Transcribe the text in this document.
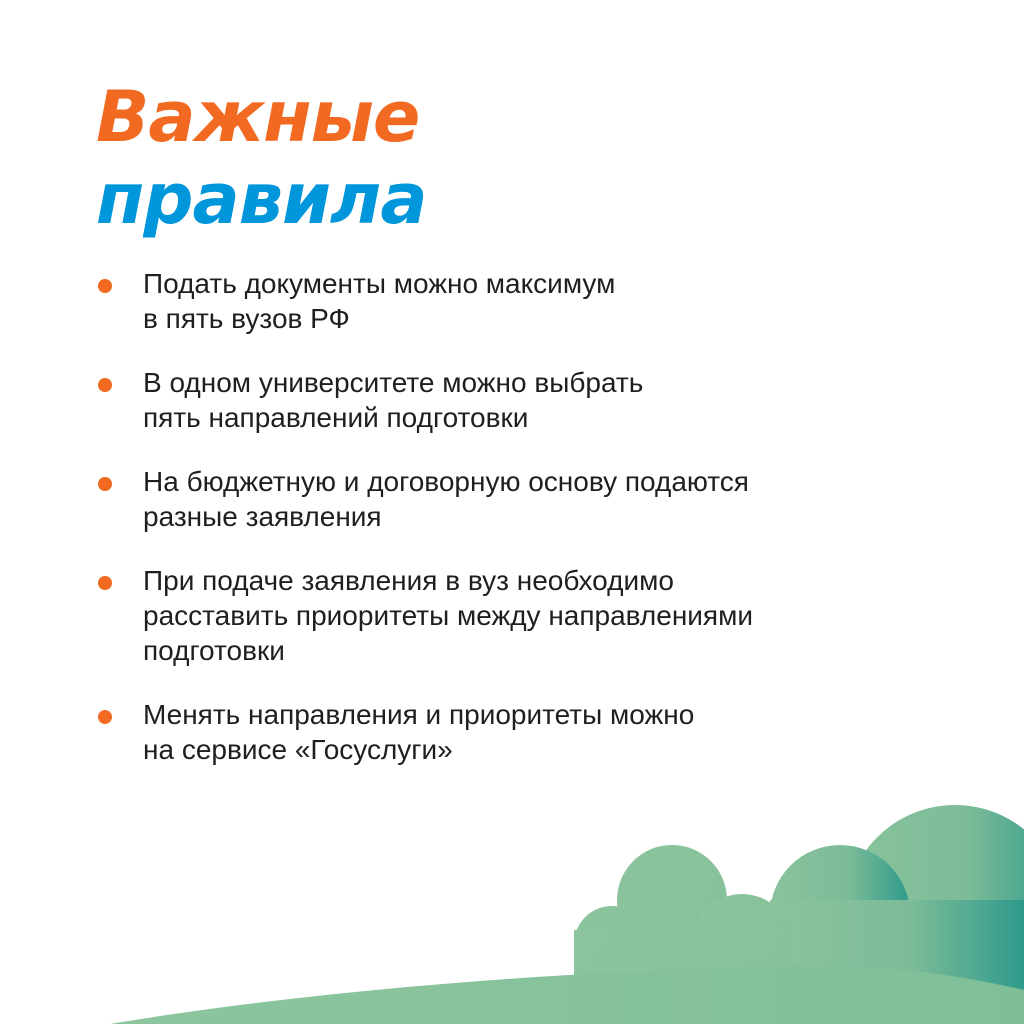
Важные
правила
Подать документы можно максимум
в пять вузов РФ
В одном университете можно выбрать
пять направлений подготовки
На бюджетную и договорную основу подаются
разные заявления
При подаче заявления в вуз необходимо
расставить приоритеты между направлениями
подготовки
Менять направления и приоритеты можно
на сервисе «Госуслуги»
